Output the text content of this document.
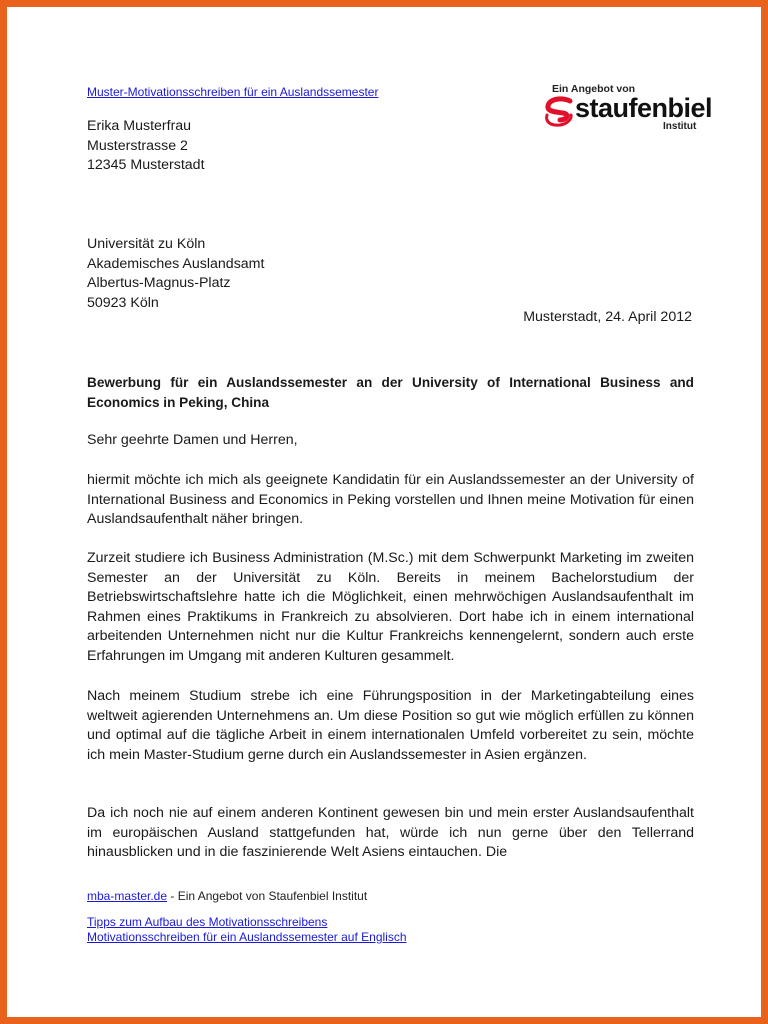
Muster-Motivationsschreiben für ein Auslandssemester	Ein Angebot von
staufenbiel
Institut
Erika Musterfrau
Musterstrasse 2
12345 Musterstadt
Universität zu Köln
Akademisches Auslandsamt
Albertus-Magnus-Platz
50923 Köln
Musterstadt, 24. April 2012
Bewerbung für ein Auslandssemester an der University of International Business and Economics in Peking, China
Sehr geehrte Damen und Herren,

hiermit möchte ich mich als geeignete Kandidatin für ein Auslandssemester an der University of International Business and Economics in Peking vorstellen und Ihnen meine Motivation für einen Auslandsaufenthalt näher bringen.

Zurzeit studiere ich Business Administration (M.Sc.) mit dem Schwerpunkt Marketing im zweiten Semester an der Universität zu Köln. Bereits in meinem Bachelorstudium der Betriebswirtschaftslehre hatte ich die Möglichkeit, einen mehrwöchigen Auslandsaufenthalt im Rahmen eines Praktikums in Frankreich zu absolvieren. Dort habe ich in einem international arbeitenden Unternehmen nicht nur die Kultur Frankreichs kennengelernt, sondern auch erste Erfahrungen im Umgang mit anderen Kulturen gesammelt.

Nach meinem Studium strebe ich eine Führungsposition in der Marketingabteilung eines weltweit agierenden Unternehmens an. Um diese Position so gut wie möglich erfüllen zu können und optimal auf die tägliche Arbeit in einem internationalen Umfeld vorbereitet zu sein, möchte ich mein Master-Studium gerne durch ein Auslandssemester in Asien ergänzen.

Da ich noch nie auf einem anderen Kontinent gewesen bin und mein erster Auslandsaufenthalt im europäischen Ausland stattgefunden hat, würde ich nun gerne über den Tellerrand hinausblicken und in die faszinierende Welt Asiens eintauchen. Die

mba-master.de - Ein Angebot von Staufenbiel Institut
Tipps zum Aufbau des Motivationsschreibens
Motivationsschreiben für ein Auslandssemester auf Englisch
